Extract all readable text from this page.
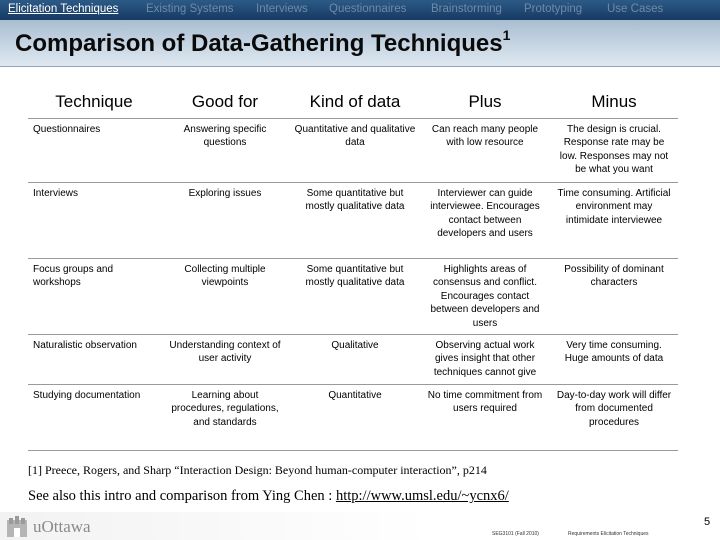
Elicitation Techniques Existing Systems Interviews Questionnaires Brainstorming Prototyping Use Cases
Comparison of Data-Gathering Techniques$^1$
Technique	Good for	Kind of data	Plus	Minus
Questionnaires	Answering specific questions	Quantitative and qualitative data	Can reach many people with low resource	The design is crucial. Response rate may be low. Responses may not be what you want
Interviews	Exploring issues	Some quantitative but mostly qualitative data	Interviewer can guide interviewee. Encourages contact between developers and users	Time consuming. Artificial environment may intimidate interviewee
Focus groups and workshops	Collecting multiple viewpoints	Some quantitative but mostly qualitative data	Highlights areas of consensus and conflict. Encourages contact between developers and users	Possibility of dominant characters
Naturalistic observation	Understanding context of user activity	Qualitative	Observing actual work gives insight that other techniques cannot give	Very time consuming. Huge amounts of data
Studying documentation	Learning about procedures, regulations, and standards	Quantitative	No time commitment from users required	Day-to-day work will differ from documented procedures
[1] Preece, Rogers, and Sharp “Interaction Design: Beyond human-computer interaction”, p214
See also this intro and comparison from Ying Chen : http://www.umsl.edu/~ycnx6/
uOttawa	SEG3101 (Fall 2010)	Requirements Elicitation Techniques
5
